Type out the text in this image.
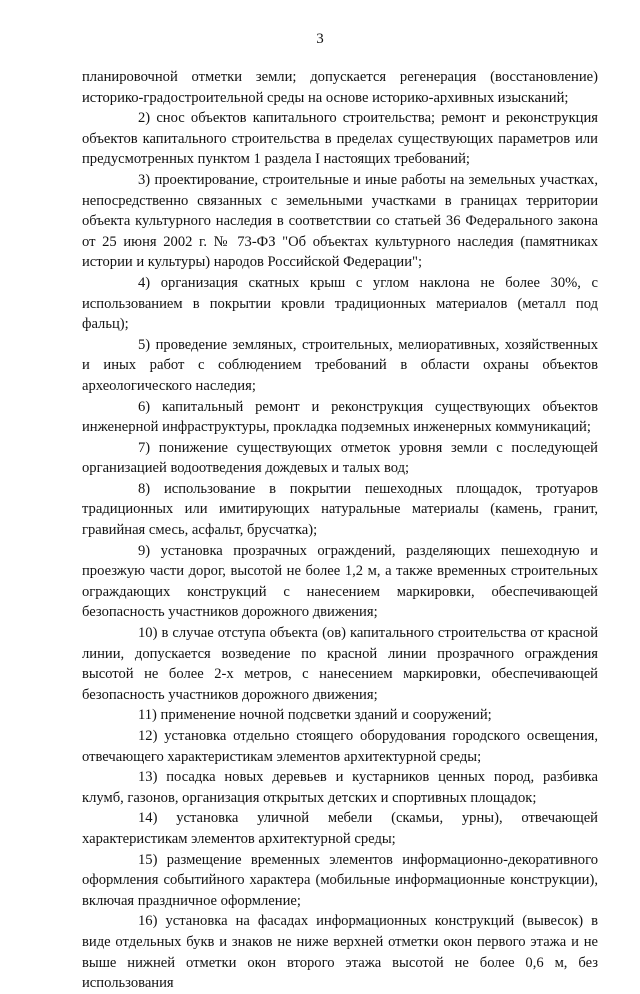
3

планировочной отметки земли; допускается регенерация (восстановление) историко-градостроительной среды на основе историко-архивных изысканий;

2) снос объектов капитального строительства; ремонт и реконструкция объектов капитального строительства в пределах существующих параметров или предусмотренных пунктом 1 раздела I настоящих требований;

3) проектирование, строительные и иные работы на земельных участках, непосредственно связанных с земельными участками в границах территории объекта культурного наследия в соответствии со статьей 36 Федерального закона от 25 июня 2002 г. № 73-ФЗ "Об объектах культурного наследия (памятниках истории и культуры) народов Российской Федерации";

4) организация скатных крыш с углом наклона не более 30%, с использованием в покрытии кровли традиционных материалов (металл под фальц);

5) проведение земляных, строительных, мелиоративных, хозяйственных и иных работ с соблюдением требований в области охраны объектов археологического наследия;

6) капитальный ремонт и реконструкция существующих объектов инженерной инфраструктуры, прокладка подземных инженерных коммуникаций;

7) понижение существующих отметок уровня земли с последующей организацией водоотведения дождевых и талых вод;

8) использование в покрытии пешеходных площадок, тротуаров традиционных или имитирующих натуральные материалы (камень, гранит, гравийная смесь, асфальт, брусчатка);

9) установка прозрачных ограждений, разделяющих пешеходную и проезжую части дорог, высотой не более 1,2 м, а также временных строительных ограждающих конструкций с нанесением маркировки, обеспечивающей безопасность участников дорожного движения;

10) в случае отступа объекта (ов) капитального строительства от красной линии, допускается возведение по красной линии прозрачного ограждения высотой не более 2-х метров, с нанесением маркировки, обеспечивающей безопасность участников дорожного движения;

11) применение ночной подсветки зданий и сооружений;

12) установка отдельно стоящего оборудования городского освещения, отвечающего характеристикам элементов архитектурной среды;

13) посадка новых деревьев и кустарников ценных пород, разбивка клумб, газонов, организация открытых детских и спортивных площадок;

14) установка уличной мебели (скамьи, урны), отвечающей характеристикам элементов архитектурной среды;

15) размещение временных элементов информационно-декоративного оформления событийного характера (мобильные информационные конструкции), включая праздничное оформление;

16) установка на фасадах информационных конструкций (вывесок) в виде отдельных букв и знаков не ниже верхней отметки окон первого этажа и не выше нижней отметки окон второго этажа высотой не более 0,6 м, без использования
